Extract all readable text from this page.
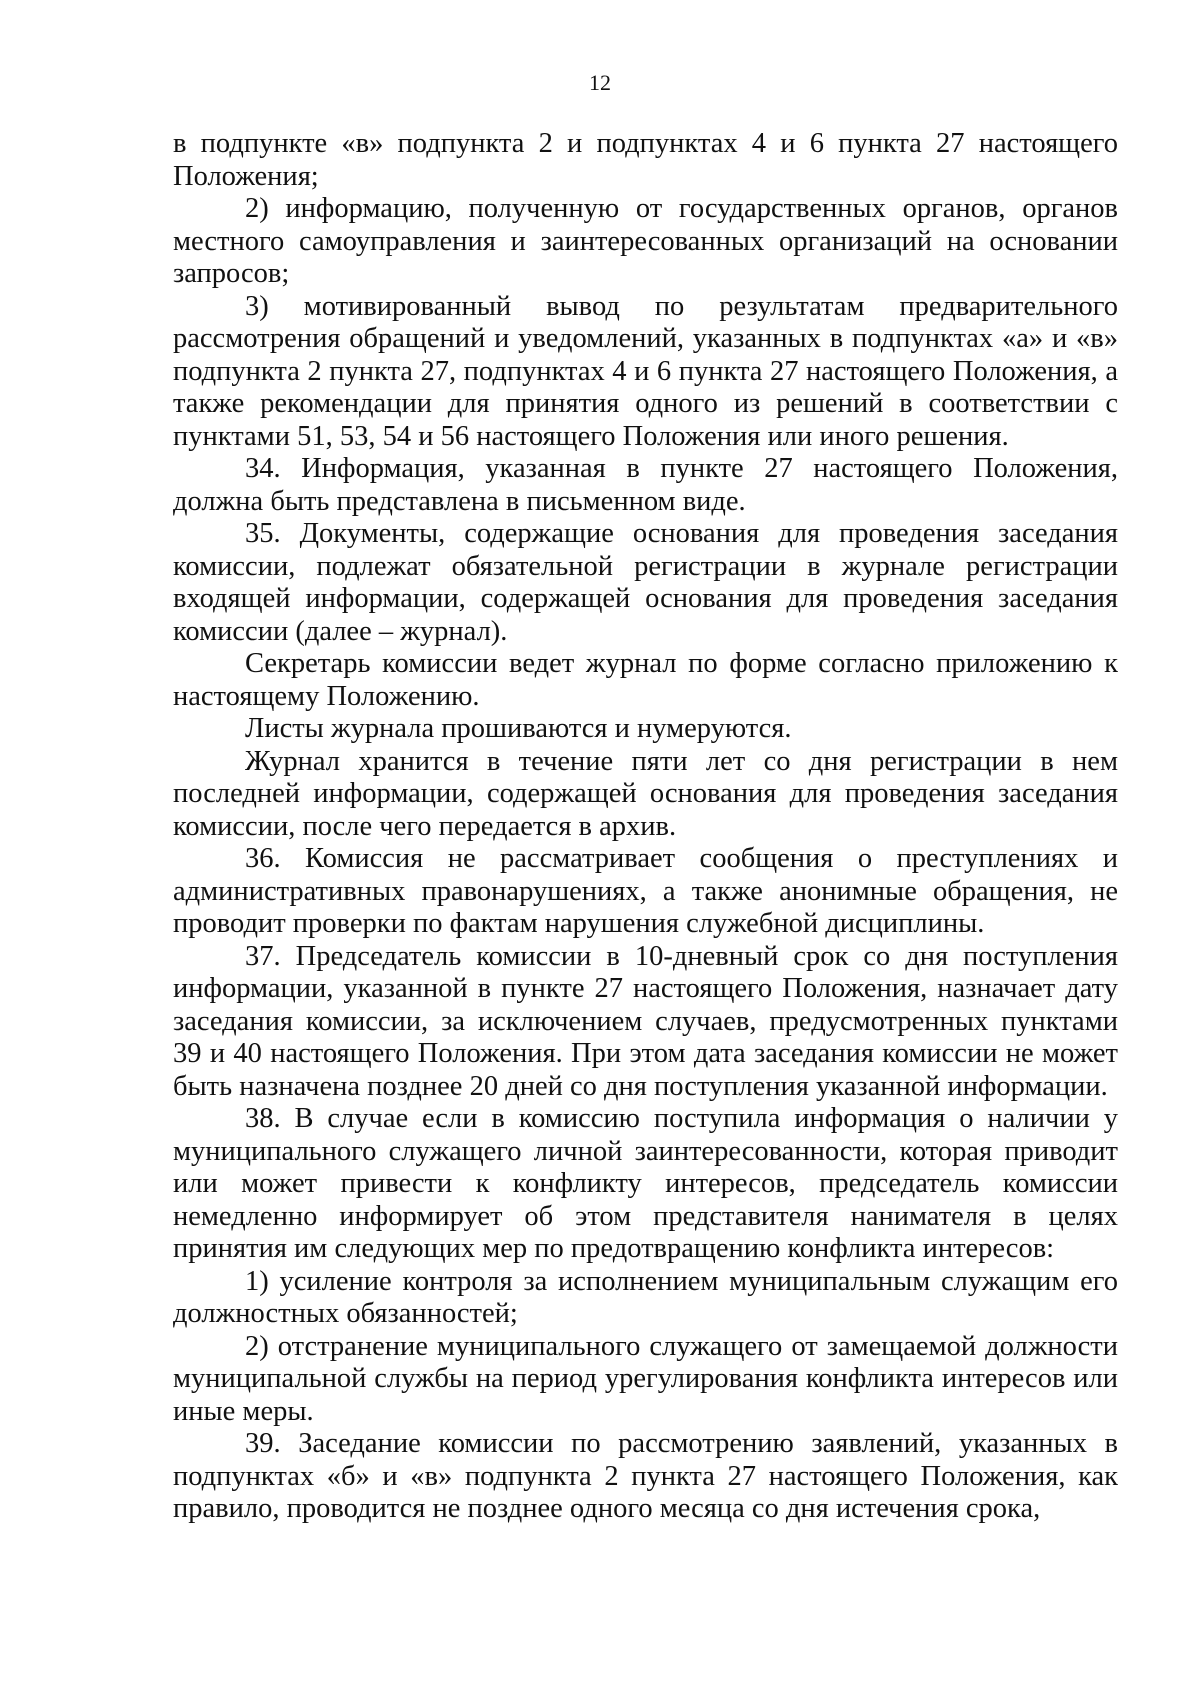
12

в подпункте «в» подпункта 2 и подпунктах 4 и 6 пункта 27 настоящего Положения;

2) информацию, полученную от государственных органов, органов местного самоуправления и заинтересованных организаций на основании запросов;

3) мотивированный вывод по результатам предварительного рассмотрения обращений и уведомлений, указанных в подпунктах «а» и «в» подпункта 2 пункта 27, подпунктах 4 и 6 пункта 27 настоящего Положения, а также рекомендации для принятия одного из решений в соответствии с пунктами 51, 53, 54 и 56 настоящего Положения или иного решения.

34. Информация, указанная в пункте 27 настоящего Положения, должна быть представлена в письменном виде.

35. Документы, содержащие основания для проведения заседания комиссии, подлежат обязательной регистрации в журнале регистрации входящей информации, содержащей основания для проведения заседания комиссии (далее – журнал).

Секретарь комиссии ведет журнал по форме согласно приложению к настоящему Положению.

Листы журнала прошиваются и нумеруются.

Журнал хранится в течение пяти лет со дня регистрации в нем последней информации, содержащей основания для проведения заседания комиссии, после чего передается в архив.

36. Комиссия не рассматривает сообщения о преступлениях и административных правонарушениях, а также анонимные обращения, не проводит проверки по фактам нарушения служебной дисциплины.

37. Председатель комиссии в 10-дневный срок со дня поступления информации, указанной в пункте 27 настоящего Положения, назначает дату заседания комиссии, за исключением случаев, предусмотренных пунктами 39 и 40 настоящего Положения. При этом дата заседания комиссии не может быть назначена позднее 20 дней со дня поступления указанной информации.

38. В случае если в комиссию поступила информация о наличии у муниципального служащего личной заинтересованности, которая приводит или может привести к конфликту интересов, председатель комиссии немедленно информирует об этом представителя нанимателя в целях принятия им следующих мер по предотвращению конфликта интересов:

1) усиление контроля за исполнением муниципальным служащим его должностных обязанностей;

2) отстранение муниципального служащего от замещаемой должности муниципальной службы на период урегулирования конфликта интересов или иные меры.

39. Заседание комиссии по рассмотрению заявлений, указанных в подпунктах «б» и «в» подпункта 2 пункта 27 настоящего Положения, как правило, проводится не позднее одного месяца со дня истечения срока,
